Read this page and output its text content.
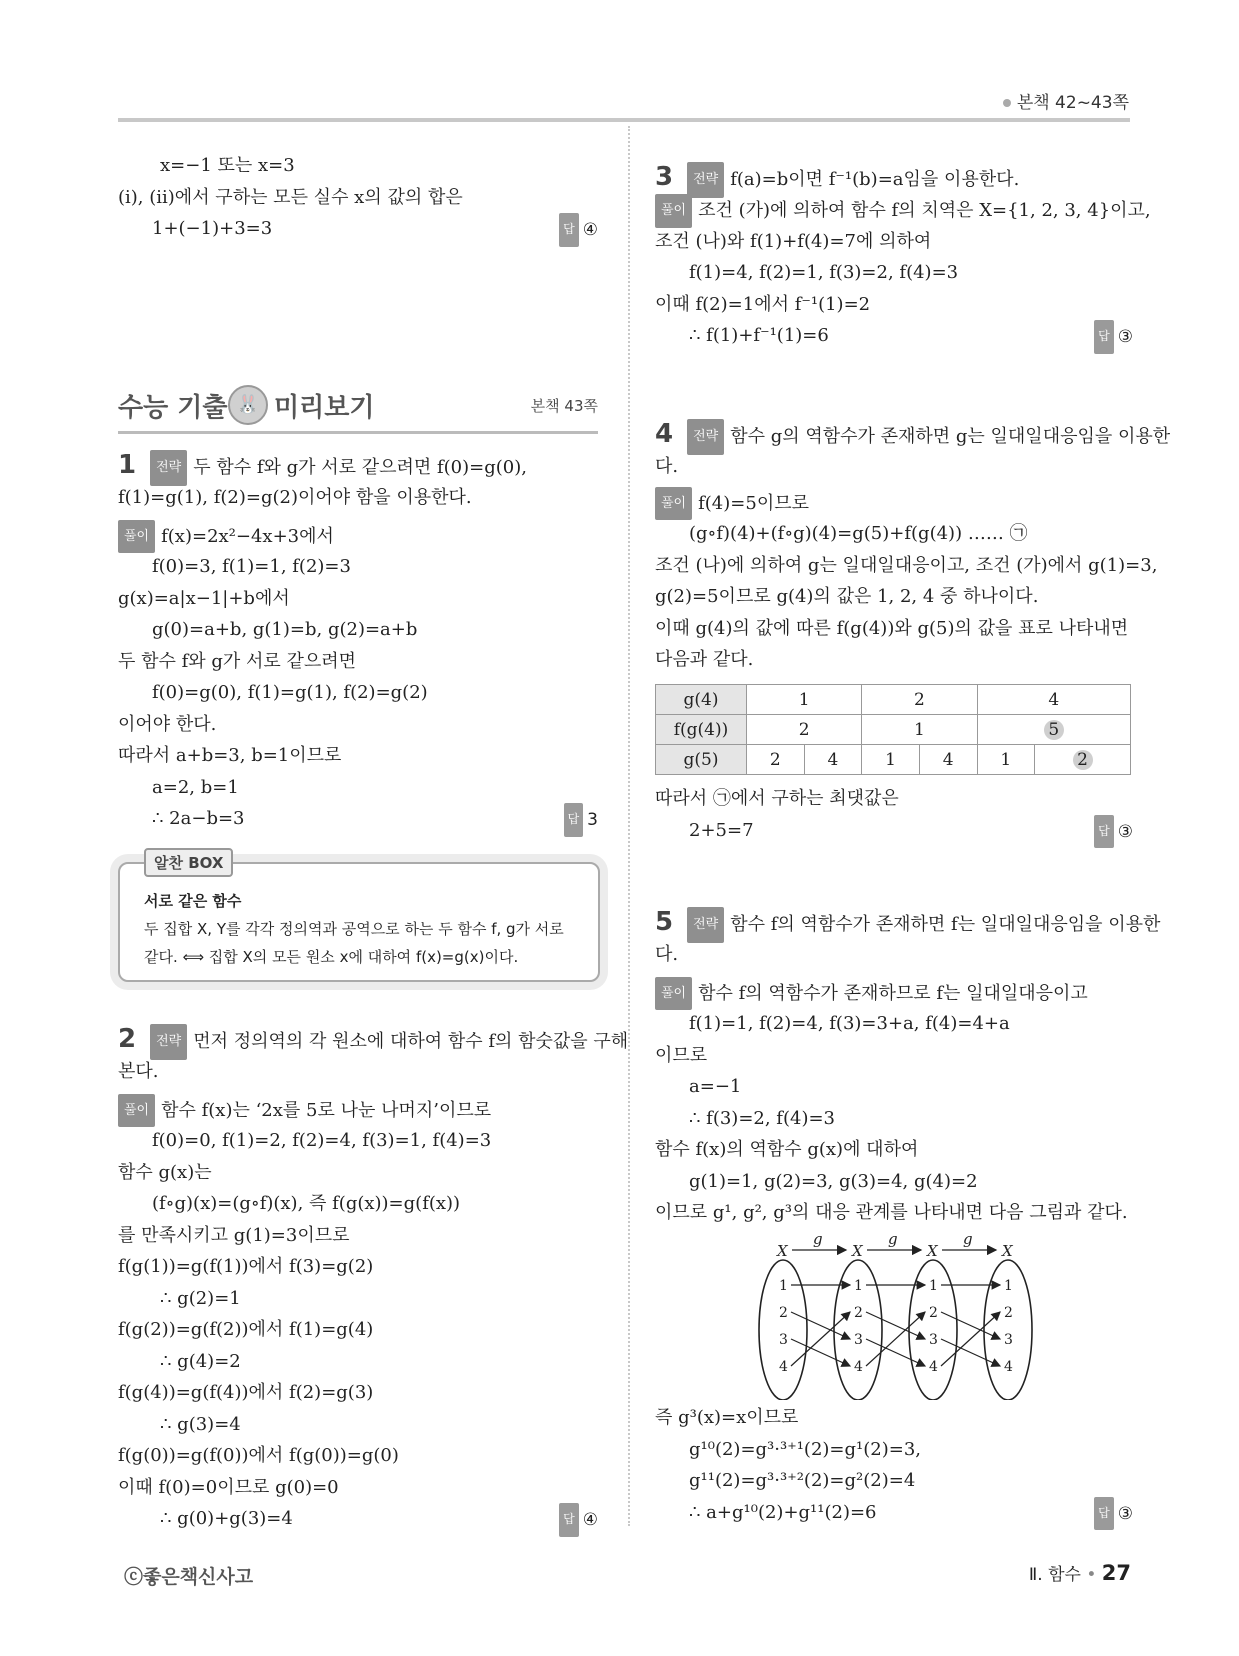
본책 42~43쪽
x=−1 또는 x=3
(i), (ii)에서 구하는 모든 실수 x의 값의 합은
1+(−1)+3=3	답 ④
수능 기출 🐰 미리보기	본책 43쪽
1 전략 두 함수 f와 g가 서로 같으려면 f(0)=g(0),
f(1)=g(1), f(2)=g(2)이어야 함을 이용한다.
풀이 f(x)=2x²−4x+3에서
f(0)=3, f(1)=1, f(2)=3
g(x)=a|x−1|+b에서
g(0)=a+b, g(1)=b, g(2)=a+b
두 함수 f와 g가 서로 같으려면
f(0)=g(0), f(1)=g(1), f(2)=g(2)
이어야 한다.
따라서 a+b=3, b=1이므로
a=2, b=1
∴ 2a−b=3	답 3
알찬 BOX
서로 같은 함수
두 집합 X, Y를 각각 정의역과 공역으로 하는 두 함수 f, g가 서로
같다. ⟺ 집합 X의 모든 원소 x에 대하여 f(x)=g(x)이다.
2 전략 먼저 정의역의 각 원소에 대하여 함수 f의 함숫값을 구해
본다.
풀이 함수 f(x)는 ‘2x를 5로 나눈 나머지’이므로
f(0)=0, f(1)=2, f(2)=4, f(3)=1, f(4)=3
함수 g(x)는
(f∘g)(x)=(g∘f)(x), 즉 f(g(x))=g(f(x))
를 만족시키고 g(1)=3이므로
f(g(1))=g(f(1))에서 f(3)=g(2)
∴ g(2)=1
f(g(2))=g(f(2))에서 f(1)=g(4)
∴ g(4)=2
f(g(4))=g(f(4))에서 f(2)=g(3)
∴ g(3)=4
f(g(0))=g(f(0))에서 f(g(0))=g(0)
이때 f(0)=0이므로 g(0)=0
∴ g(0)+g(3)=4	답 ④
3 전략 f(a)=b이면 f⁻¹(b)=a임을 이용한다.
풀이 조건 (가)에 의하여 함수 f의 치역은 X={1, 2, 3, 4}이고,
조건 (나)와 f(1)+f(4)=7에 의하여
f(1)=4, f(2)=1, f(3)=2, f(4)=3
이때 f(2)=1에서 f⁻¹(1)=2
∴ f(1)+f⁻¹(1)=6	답 ③
4 전략 함수 g의 역함수가 존재하면 g는 일대일대응임을 이용한
다.
풀이 f(4)=5이므로
(g∘f)(4)+(f∘g)(4)=g(5)+f(g(4)) …… ㉠
조건 (나)에 의하여 g는 일대일대응이고, 조건 (가)에서 g(1)=3,
g(2)=5이므로 g(4)의 값은 1, 2, 4 중 하나이다.
이때 g(4)의 값에 따른 f(g(4))와 g(5)의 값을 표로 나타내면
다음과 같다.
g(4)	1		2		4	
f(g(4))	2		1		5	
g(5)	2	4	1	4	1	2
따라서 ㉠에서 구하는 최댓값은
2+5=7	답 ③
5 전략 함수 f의 역함수가 존재하면 f는 일대일대응임을 이용한
다.
풀이 함수 f의 역함수가 존재하므로 f는 일대일대응이고
f(1)=1, f(2)=4, f(3)=3+a, f(4)=4+a
이므로
a=−1
∴ f(3)=2, f(4)=3
함수 f(x)의 역함수 g(x)에 대하여
g(1)=1, g(2)=3, g(3)=4, g(4)=2
이므로 g¹, g², g³의 대응 관계를 나타내면 다음 그림과 같다.
g	g	g
X	X	X	X
1
2
3
4
1
2
3
4
1
2
3
4
1
2
3
4
즉 g³(x)=x이므로
g¹⁰(2)=g³·³⁺¹(2)=g¹(2)=3,
g¹¹(2)=g³·³⁺²(2)=g²(2)=4
∴ a+g¹⁰(2)+g¹¹(2)=6	답 ③
ⓒ좋은책신사고	Ⅱ. 함수 • 27
